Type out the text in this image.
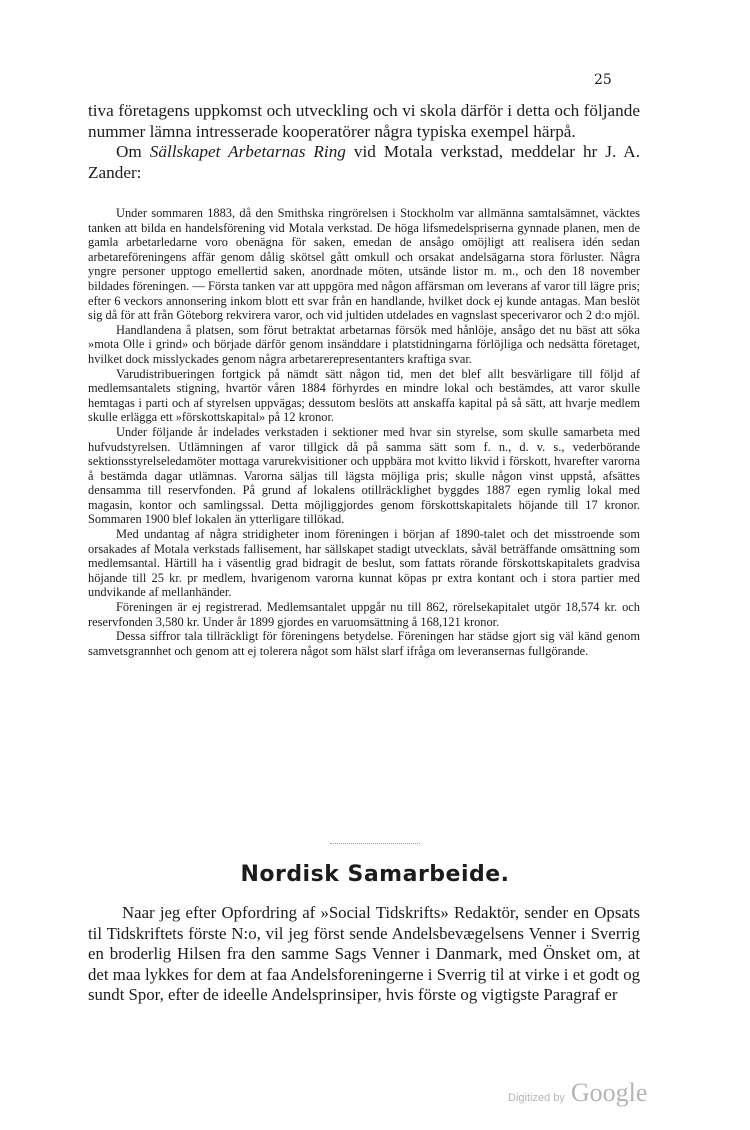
25

tiva företagens uppkomst och utveckling och vi skola därför i detta och följande nummer lämna intresserade kooperatörer några typiska exempel härpå.

Om Sällskapet Arbetarnas Ring vid Motala verkstad, meddelar hr J. A. Zander:

Under sommaren 1883, då den Smithska ringrörelsen i Stockholm var allmänna samtalsämnet, väcktes tanken att bilda en handelsförening vid Motala verkstad. De höga lifsmedelspriserna gynnade planen, men de gamla arbetarledarne voro obenägna för saken, emedan de ansågo omöjligt att realisera idén sedan arbetareföreningens affär genom dålig skötsel gått omkull och orsakat andelsägarna stora förluster. Några yngre personer upptogo emellertid saken, anordnade möten, utsände listor m. m., och den 18 november bildades föreningen. — Första tanken var att uppgöra med någon affärsman om leverans af varor till lägre pris; efter 6 veckors annonsering inkom blott ett svar från en handlande, hvilket dock ej kunde antagas. Man beslöt sig då för att från Göteborg rekvirera varor, och vid jultiden utdelades en vagnslast specerivaror och 2 d:o mjöl.

Handlandena å platsen, som förut betraktat arbetarnas försök med hånlöje, ansågo det nu bäst att söka »mota Olle i grind» och började därför genom insänddare i platstidningarna förlöjliga och nedsätta företaget, hvilket dock misslyckades genom några arbetarerepresentanters kraftiga svar.

Varudistribueringen fortgick på nämdt sätt någon tid, men det blef allt besvärligare till följd af medlemsantalets stigning, hvartör våren 1884 förhyrdes en mindre lokal och bestämdes, att varor skulle hemtagas i parti och af styrelsen uppvägas; dessutom beslöts att anskaffa kapital på så sätt, att hvarje medlem skulle erlägga ett »förskottskapital» på 12 kronor.

Under följande år indelades verkstaden i sektioner med hvar sin styrelse, som skulle samarbeta med hufvudstyrelsen. Utlämningen af varor tillgick då på samma sätt som f. n., d. v. s., vederbörande sektionsstyrelseledamöter mottaga varurekvisitioner och uppbära mot kvitto likvid i förskott, hvarefter varorna å bestämda dagar utlämnas. Varorna säljas till lägsta möjliga pris; skulle någon vinst uppstå, afsättes densamma till reservfonden. På grund af lokalens otillräcklighet byggdes 1887 egen rymlig lokal med magasin, kontor och samlingssal. Detta möjliggjordes genom förskottskapitalets höjande till 17 kronor. Sommaren 1900 blef lokalen än ytterligare tillökad.

Med undantag af några stridigheter inom föreningen i början af 1890-talet och det misstroende som orsakades af Motala verkstads fallisement, har sällskapet stadigt utvecklats, såväl beträffande omsättning som medlemsantal. Härtill ha i väsentlig grad bidragit de beslut, som fattats rörande förskottskapitalets gradvisa höjande till 25 kr. pr medlem, hvarigenom varorna kunnat köpas pr extra kontant och i stora partier med undvikande af mellanhänder.

Föreningen är ej registrerad. Medlemsantalet uppgår nu till 862, rörelsekapitalet utgör 18,574 kr. och reservfonden 3,580 kr. Under år 1899 gjordes en varuomsättning å 168,121 kronor.

Dessa siffror tala tillräckligt för föreningens betydelse. Föreningen har städse gjort sig väl känd genom samvetsgrannhet och genom att ej tolerera något som hälst slarf ifråga om leveransernas fullgörande.

Nordisk Samarbeide.

Naar jeg efter Opfordring af »Social Tidskrifts» Redaktör, sender en Opsats til Tidskriftets förste N:o, vil jeg först sende Andelsbevægelsens Venner i Sverrig en broderlig Hilsen fra den samme Sags Venner i Danmark, med Önsket om, at det maa lykkes for dem at faa Andelsforeningerne i Sverrig til at virke i et godt og sundt Spor, efter de ideelle Andelsprinsiper, hvis förste og vigtigste Paragraf er

Digitized by Google
